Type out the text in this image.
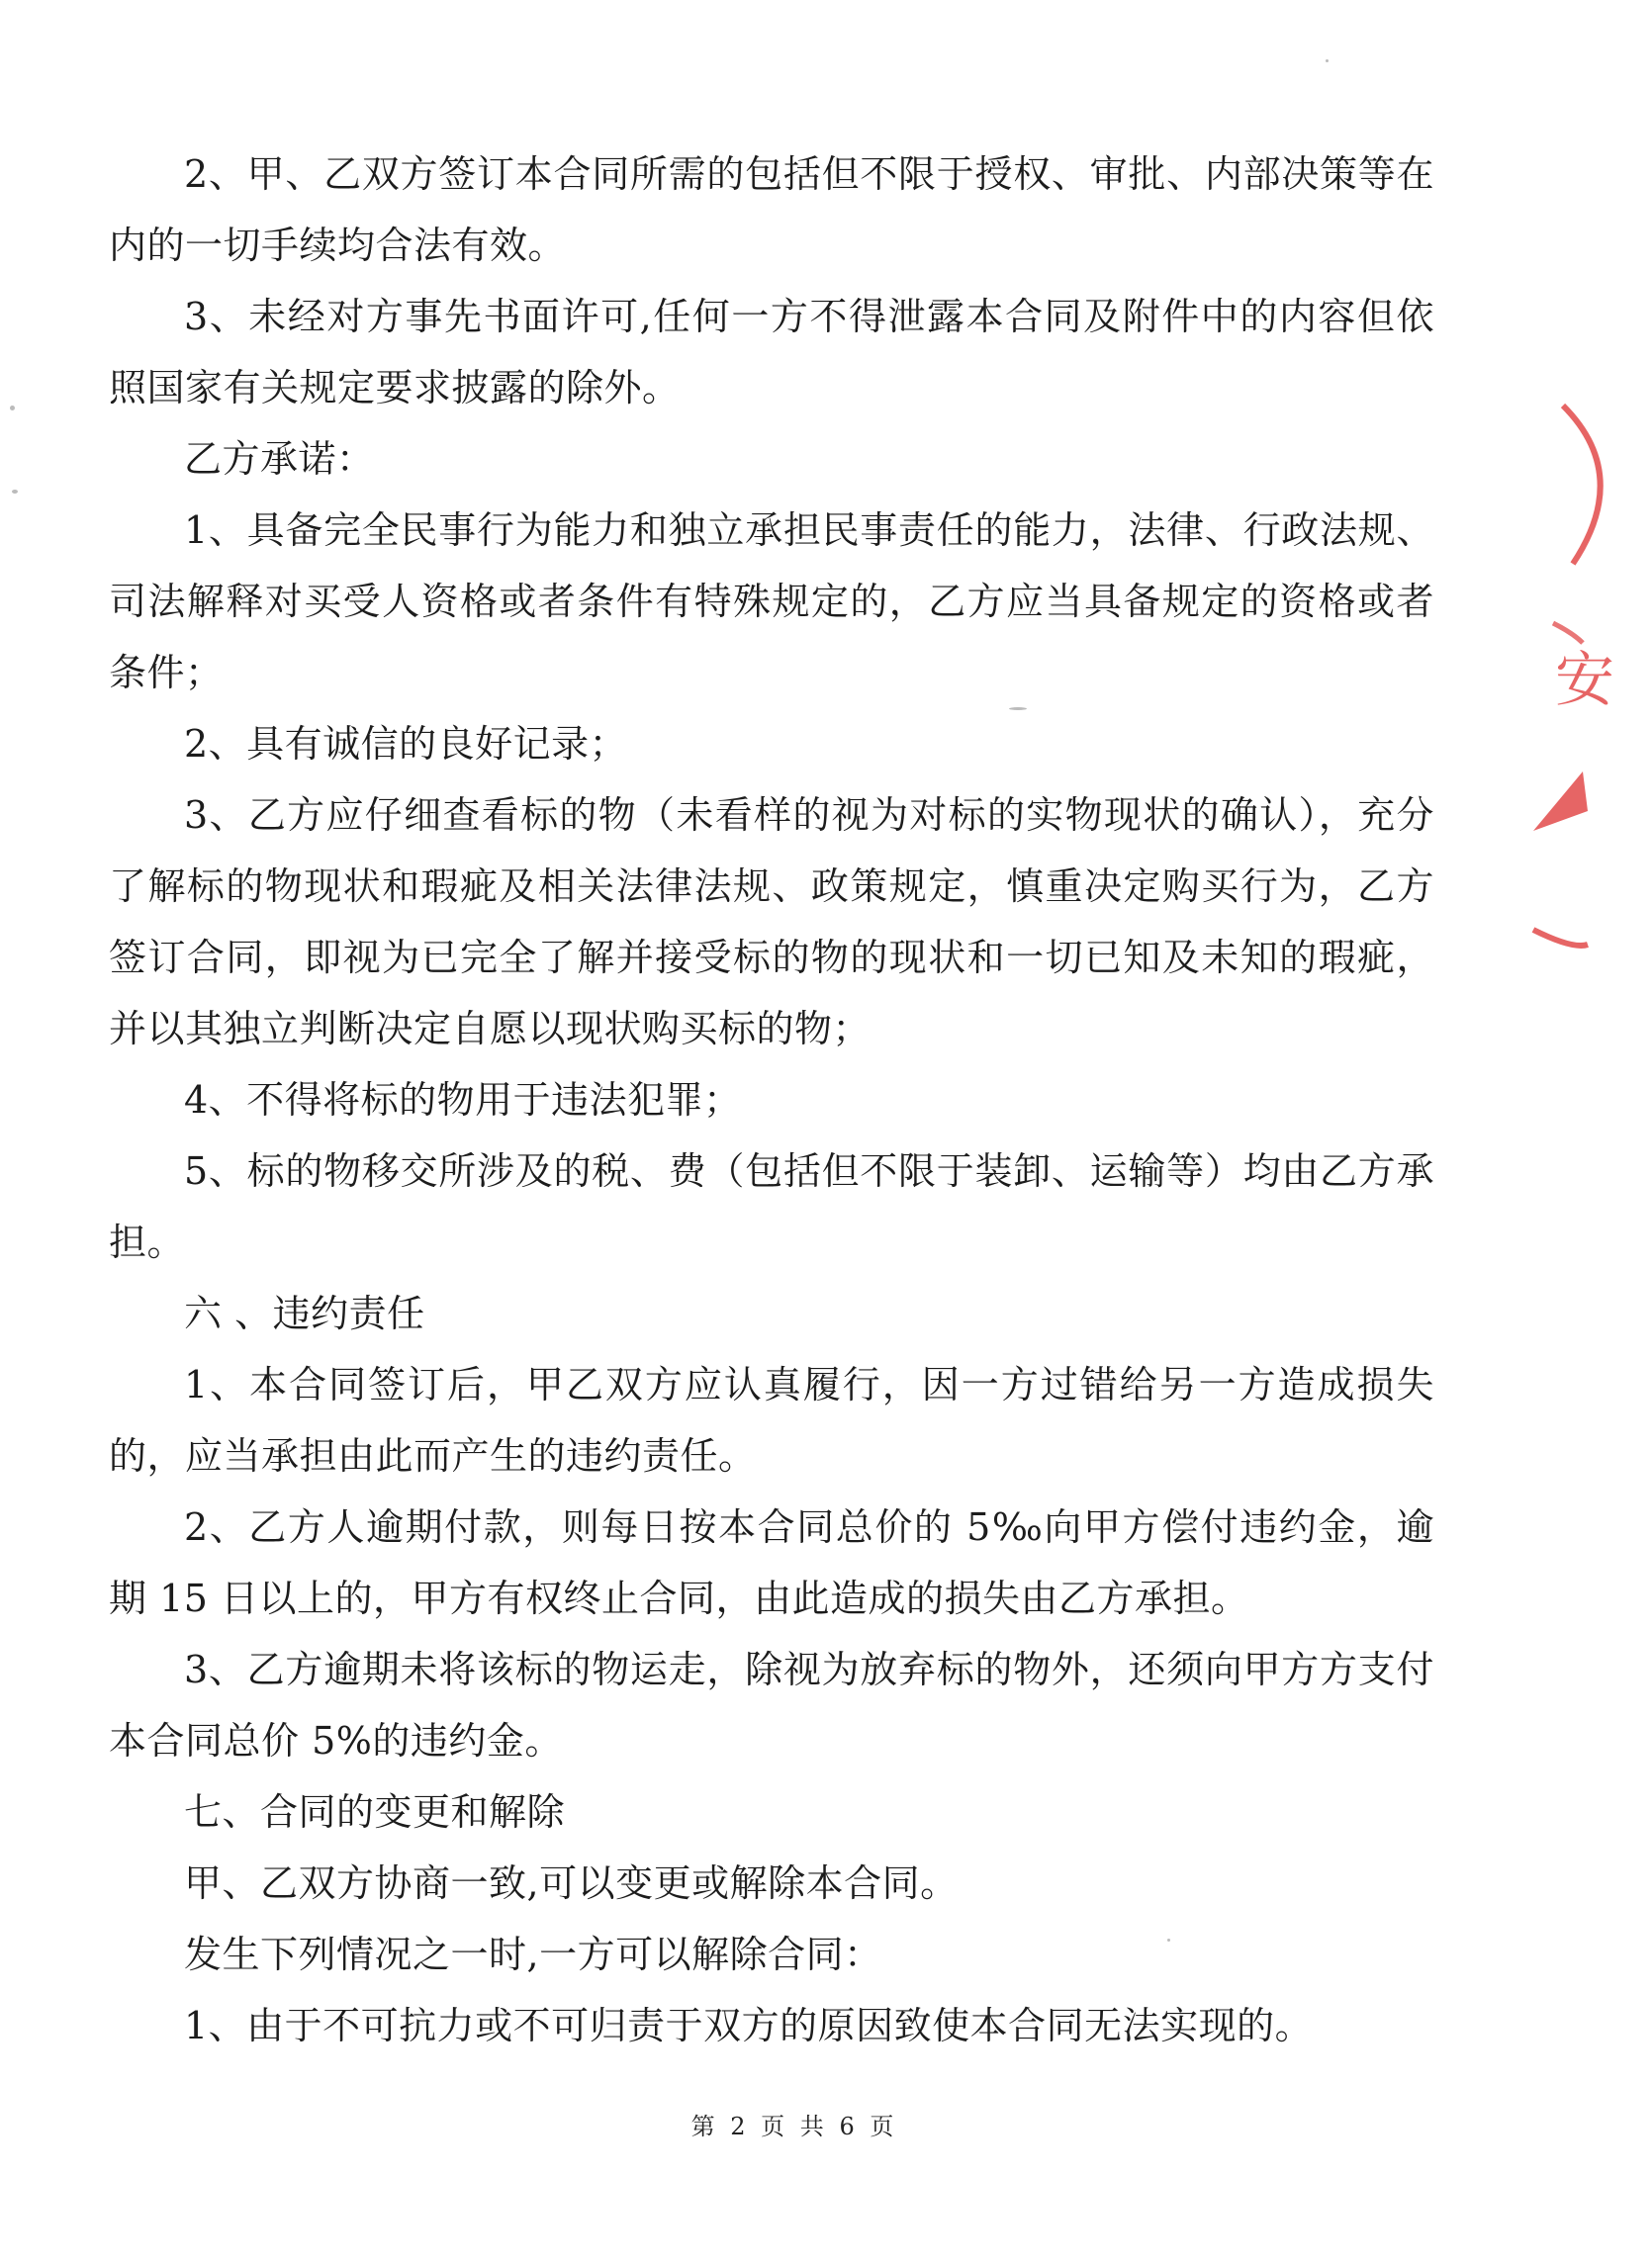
2、甲、乙双方签订本合同所需的包括但不限于授权、审批、内部决策等在内的一切手续均合法有效。

3、未经对方事先书面许可,任何一方不得泄露本合同及附件中的内容但依照国家有关规定要求披露的除外。

乙方承诺：

1、具备完全民事行为能力和独立承担民事责任的能力，法律、行政法规、司法解释对买受人资格或者条件有特殊规定的，乙方应当具备规定的资格或者条件；

2、具有诚信的良好记录；

3、乙方应仔细查看标的物（未看样的视为对标的实物现状的确认），充分了解标的物现状和瑕疵及相关法律法规、政策规定，慎重决定购买行为，乙方签订合同，即视为已完全了解并接受标的物的现状和一切已知及未知的瑕疵，并以其独立判断决定自愿以现状购买标的物；

4、不得将标的物用于违法犯罪；

5、标的物移交所涉及的税、费（包括但不限于装卸、运输等）均由乙方承担。

六 、违约责任

1、本合同签订后，甲乙双方应认真履行，因一方过错给另一方造成损失的，应当承担由此而产生的违约责任。

2、乙方人逾期付款，则每日按本合同总价的 5‰向甲方偿付违约金，逾期 15 日以上的，甲方有权终止合同，由此造成的损失由乙方承担。

3、乙方逾期未将该标的物运走，除视为放弃标的物外，还须向甲方方支付本合同总价 5%的违约金。

七、合同的变更和解除

甲、乙双方协商一致,可以变更或解除本合同。

发生下列情况之一时,一方可以解除合同：

1、由于不可抗力或不可归责于双方的原因致使本合同无法实现的。

安
第 2 页 共 6 页
